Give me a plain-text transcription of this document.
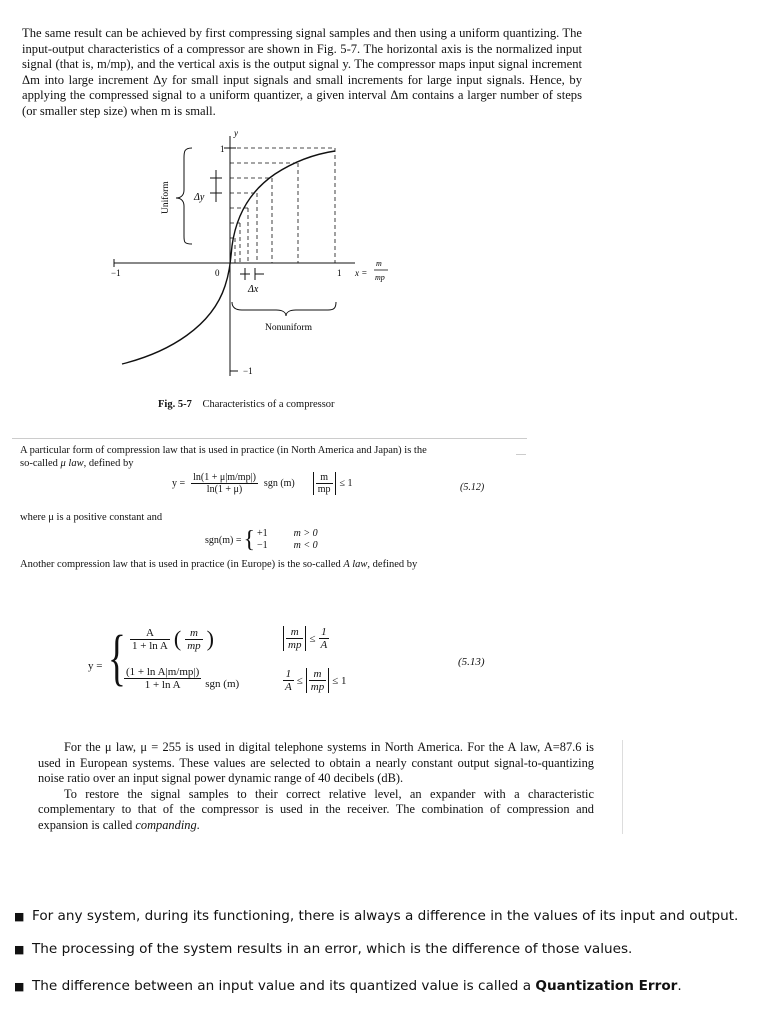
The same result can be achieved by first compressing signal samples and then using a uniform quantizing. The input-output characteristics of a compressor are shown in Fig. 5-7. The horizontal axis is the normalized input signal (that is, m/mp), and the vertical axis is the output signal y. The compressor maps input signal increment Δm into large increment Δy for small input signals and small increments for large input signals. Hence, by applying the compressed signal to a uniform quantizer, a given interval Δm contains a larger number of steps (or smaller step size) when m is small.
Uniform Δy
Δx
Nonuniform
y
1
−1	0	1
−1
x =
m
mp
Fig. 5-7 Characteristics of a compressor
A particular form of compression law that is used in practice (in North America and Japan) is the
so-called μ law, defined by
$y = \frac{\ln(1 + \mu|m/mp|)}{\ln(1 + \mu)}$ sgn $(m) \frac{m}{mp} \le 1$	(5.12)
where μ is a positive constant and
sgn(m) = { +1
−1
m > 0
m < 0
Another compression law that is used in practice (in Europe) is the so-called A law, defined by
y = { $\frac{A}{\text{1 + ln A}}$ ( $\frac{m}{mp}$ )	$\frac{m}{mp} \le \frac{1}{A}$
$\frac{\text{(1 + ln A|m/mp|)}}{\text{1 + ln A}}$ sgn (m)	$\frac{1}{A} \le \frac{m}{mp} \le 1$
(5.13)
For the μ law, μ = 255 is used in digital telephone systems in North America. For the A law, A=87.6 is used in European systems. These values are selected to obtain a nearly constant output signal-to-quantizing noise ratio over an input signal power dynamic range of 40 decibels (dB).
To restore the signal samples to their correct relative level, an expander with a characteristic complementary to that of the compressor is used in the receiver. The combination of compression and expansion is called companding.
■ For any system, during its functioning, there is always a difference in the values of its input and output.
■ The processing of the system results in an error, which is the difference of those values.
■ The difference between an input value and its quantized value is called a Quantization Error.
